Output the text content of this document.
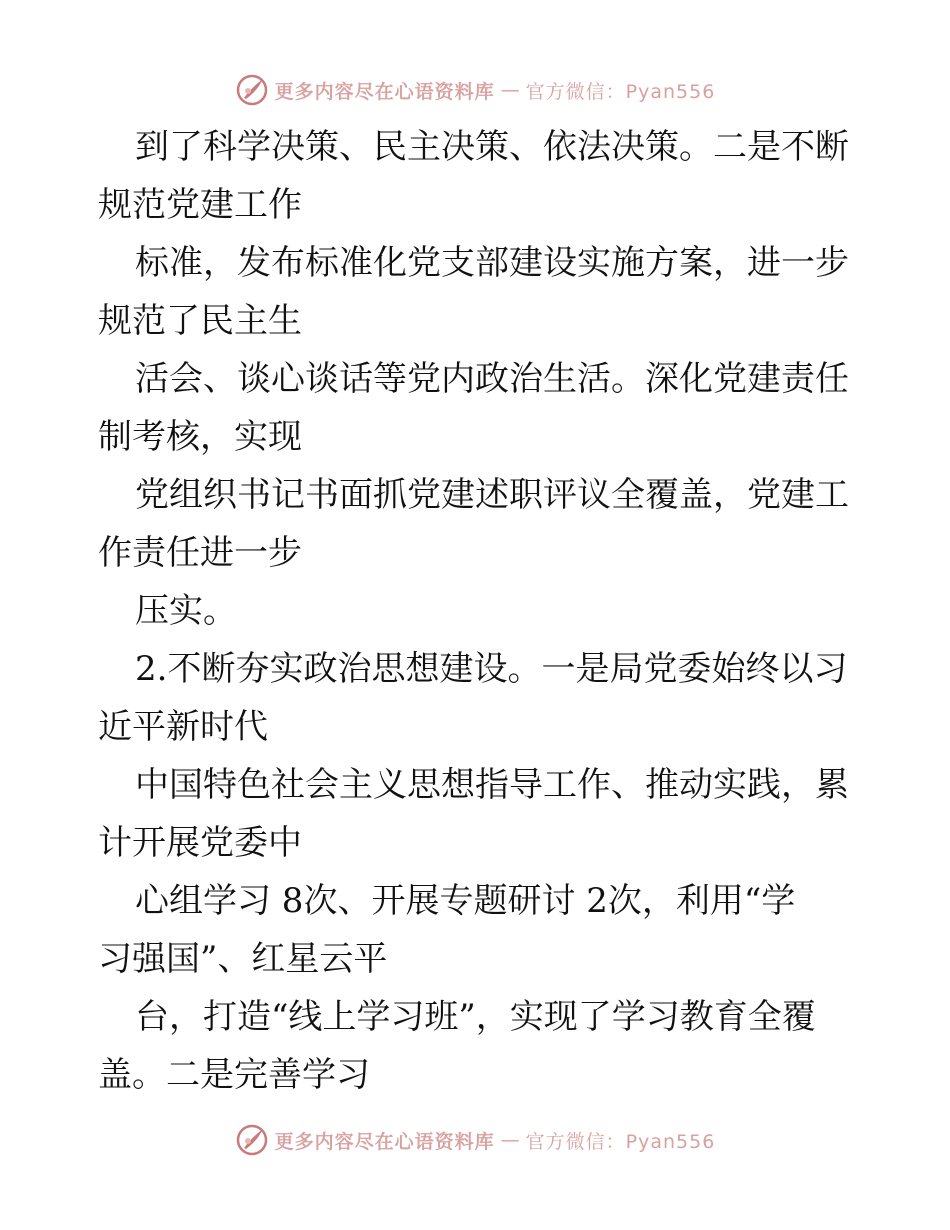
更多内容尽在心语资料库 — 官方微信：Pyan556

到了科学决策、民主决策、依法决策。二是不断
规范党建工作

标准，发布标准化党支部建设实施方案，进一步
规范了民主生

活会、谈心谈话等党内政治生活。深化党建责任
制考核，实现

党组织书记书面抓党建述职评议全覆盖，党建工
作责任进一步

压实。

2.不断夯实政治思想建设。一是局党委始终以习
近平新时代

中国特色社会主义思想指导工作、推动实践，累
计开展党委中

心组学习 8次、开展专题研讨 2次，利用“学
习强国”、红星云平

台，打造“线上学习班”，实现了学习教育全覆
盖。二是完善学习

更多内容尽在心语资料库 — 官方微信：Pyan556
